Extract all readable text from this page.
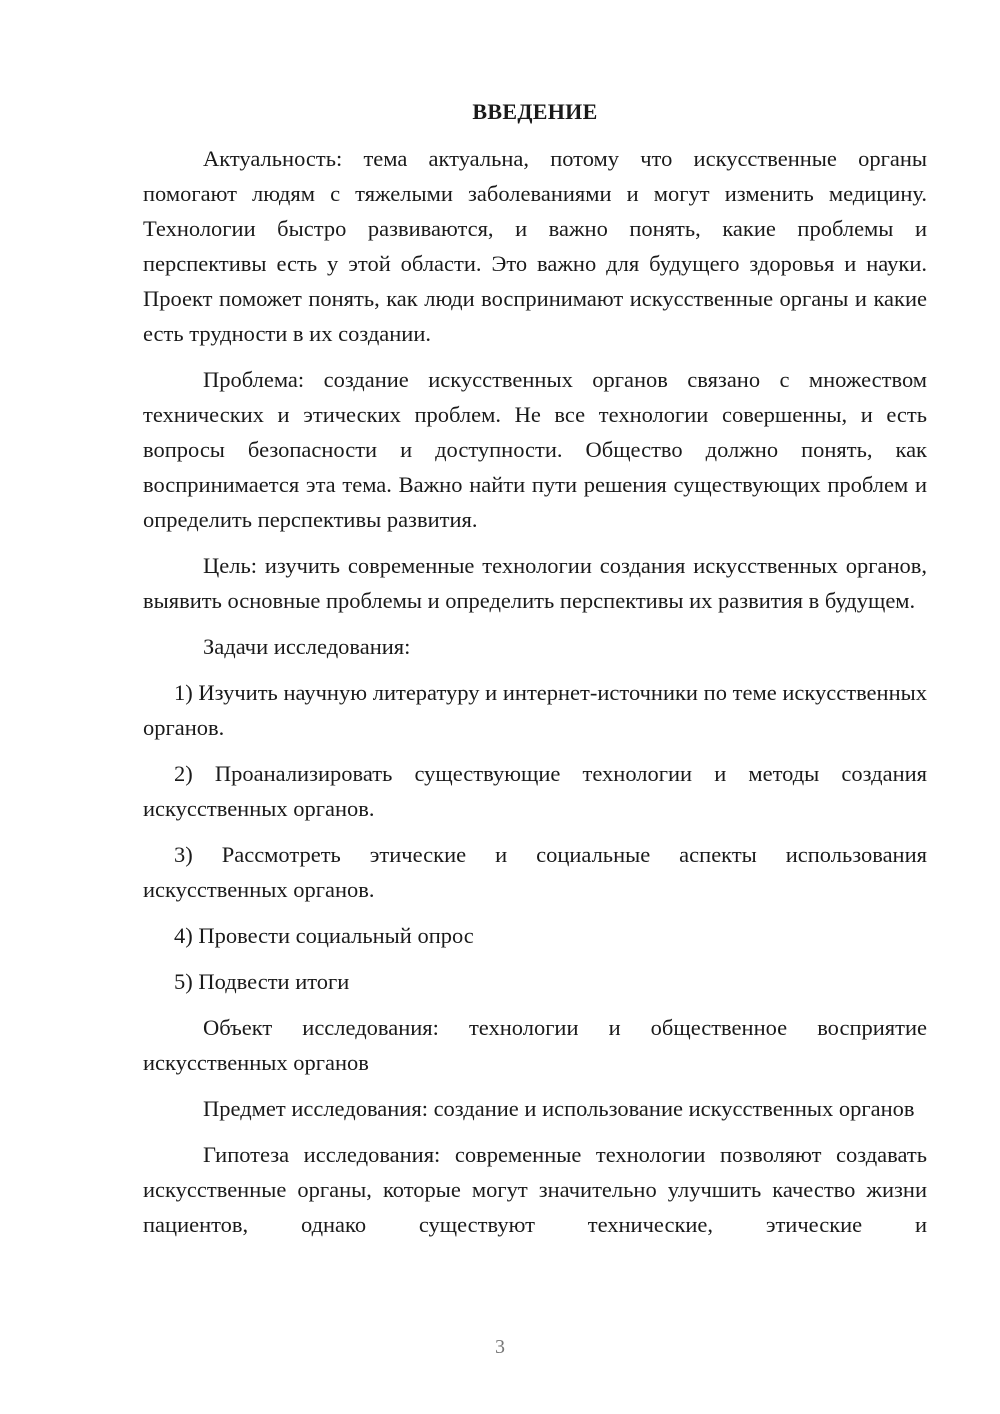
ВВЕДЕНИЕ

Актуальность: тема актуальна, потому что искусственные органы помогают людям с тяжелыми заболеваниями и могут изменить медицину. Технологии быстро развиваются, и важно понять, какие проблемы и перспективы есть у этой области. Это важно для будущего здоровья и науки. Проект поможет понять, как люди воспринимают искусственные органы и какие есть трудности в их создании.

Проблема: создание искусственных органов связано с множеством технических и этических проблем. Не все технологии совершенны, и есть вопросы безопасности и доступности. Общество должно понять, как воспринимается эта тема. Важно найти пути решения существующих проблем и определить перспективы развития.

Цель: изучить современные технологии создания искусственных органов, выявить основные проблемы и определить перспективы их развития в будущем.

Задачи исследования:

1) Изучить научную литературу и интернет-источники по теме искусственных органов.

2) Проанализировать существующие технологии и методы создания искусственных органов.

3) Рассмотреть этические и социальные аспекты использования искусственных органов.

4) Провести социальный опрос

5) Подвести итоги

Объект исследования: технологии и общественное восприятие искусственных органов

Предмет исследования: создание и использование искусственных органов

Гипотеза исследования: современные технологии позволяют создавать искусственные органы, которые могут значительно улучшить качество жизни пациентов, однако существуют технические, этические и

3
